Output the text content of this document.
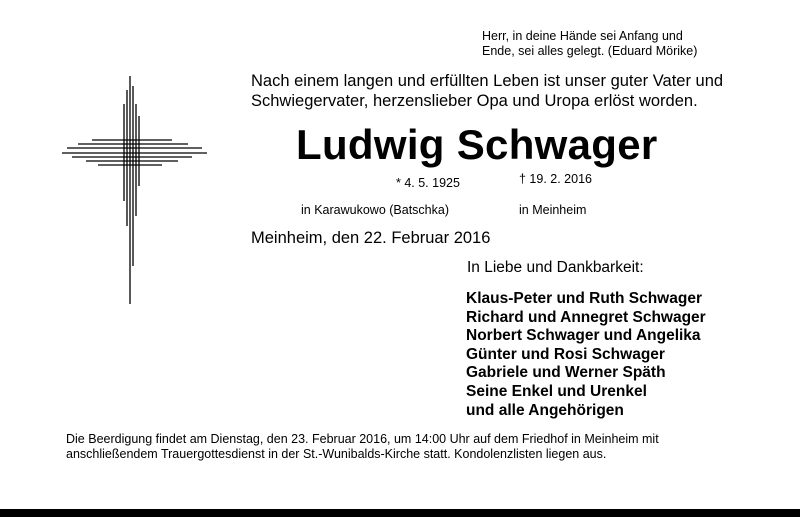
Herr, in deine Hände sei Anfang und
Ende, sei alles gelegt. (Eduard Mörike)
Nach einem langen und erfüllten Leben ist unser guter Vater und
Schwiegervater, herzenslieber Opa und Uropa erlöst worden.
Ludwig Schwager
* 4. 5. 1925	† 19. 2. 2016
in Karawukowo (Batschka)	in Meinheim
Meinheim, den 22. Februar 2016
In Liebe und Dankbarkeit:
Klaus-Peter und Ruth Schwager
Richard und Annegret Schwager
Norbert Schwager und Angelika
Günter und Rosi Schwager
Gabriele und Werner Späth
Seine Enkel und Urenkel
und alle Angehörigen
Die Beerdigung findet am Dienstag, den 23. Februar 2016, um 14:00 Uhr auf dem Friedhof in Meinheim mit
anschließendem Trauergottesdienst in der St.-Wunibalds-Kirche statt. Kondolenzlisten liegen aus.
